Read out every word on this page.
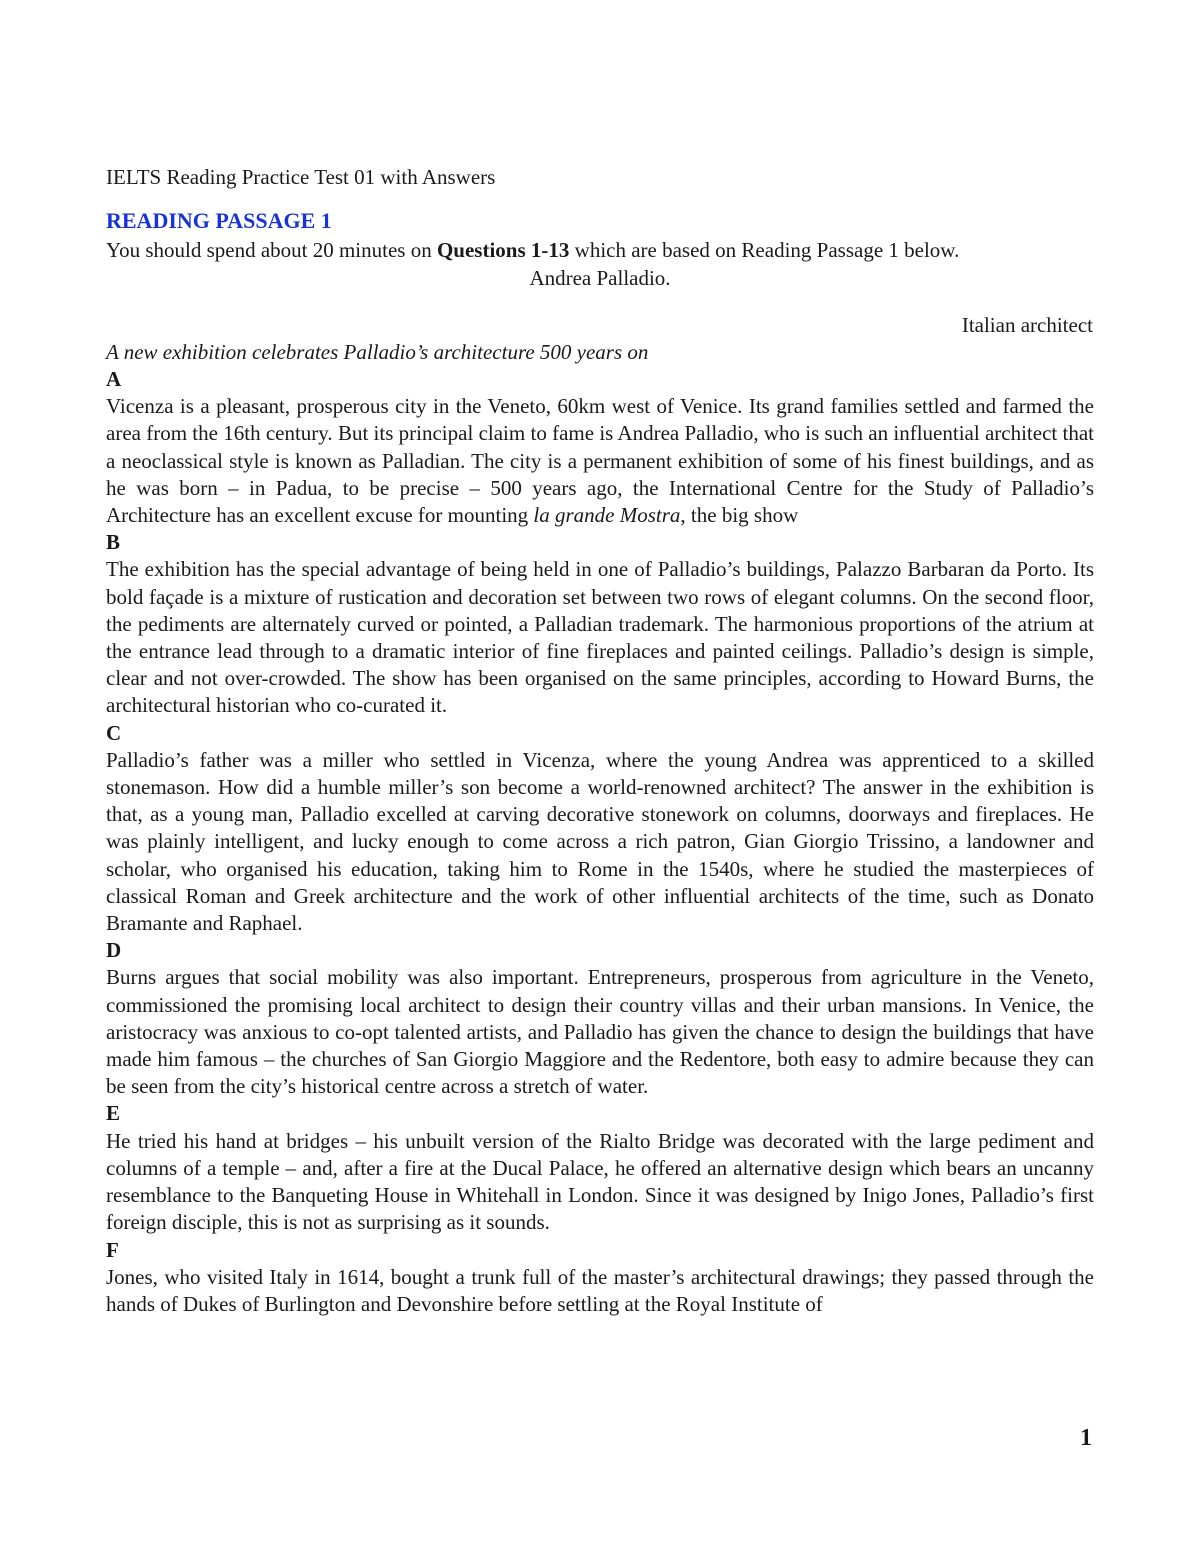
IELTS Reading Practice Test 01 with Answers
READING PASSAGE 1
You should spend about 20 minutes on Questions 1-13 which are based on Reading Passage 1 below.
Andrea Palladio.
Italian architect
A new exhibition celebrates Palladio’s architecture 500 years on
A
Vicenza is a pleasant, prosperous city in the Veneto, 60km west of Venice. Its grand families settled and farmed the area from the 16th century. But its principal claim to fame is Andrea Palladio, who is such an influential architect that a neoclassical style is known as Palladian. The city is a permanent exhibition of some of his finest buildings, and as he was born – in Padua, to be precise – 500 years ago, the International Centre for the Study of Palladio’s Architecture has an excellent excuse for mounting la grande Mostra, the big show
B
The exhibition has the special advantage of being held in one of Palladio’s buildings, Palazzo Barbaran da Porto. Its bold façade is a mixture of rustication and decoration set between two rows of elegant columns. On the second floor, the pediments are alternately curved or pointed, a Palladian trademark. The harmonious proportions of the atrium at the entrance lead through to a dramatic interior of fine fireplaces and painted ceilings. Palladio’s design is simple, clear and not over-crowded. The show has been organised on the same principles, according to Howard Burns, the architectural historian who co-curated it.
C
Palladio’s father was a miller who settled in Vicenza, where the young Andrea was apprenticed to a skilled stonemason. How did a humble miller’s son become a world-renowned architect? The answer in the exhibition is that, as a young man, Palladio excelled at carving decorative stonework on columns, doorways and fireplaces. He was plainly intelligent, and lucky enough to come across a rich patron, Gian Giorgio Trissino, a landowner and scholar, who organised his education, taking him to Rome in the 1540s, where he studied the masterpieces of classical Roman and Greek architecture and the work of other influential architects of the time, such as Donato Bramante and Raphael.
D
Burns argues that social mobility was also important. Entrepreneurs, prosperous from agriculture in the Veneto, commissioned the promising local architect to design their country villas and their urban mansions. In Venice, the aristocracy was anxious to co-opt talented artists, and Palladio has given the chance to design the buildings that have made him famous – the churches of San Giorgio Maggiore and the Redentore, both easy to admire because they can be seen from the city’s historical centre across a stretch of water.
E
He tried his hand at bridges – his unbuilt version of the Rialto Bridge was decorated with the large pediment and columns of a temple – and, after a fire at the Ducal Palace, he offered an alternative design which bears an uncanny resemblance to the Banqueting House in Whitehall in London. Since it was designed by Inigo Jones, Palladio’s first foreign disciple, this is not as surprising as it sounds.
F
Jones, who visited Italy in 1614, bought a trunk full of the master’s architectural drawings; they passed through the hands of Dukes of Burlington and Devonshire before settling at the Royal Institute of
1
